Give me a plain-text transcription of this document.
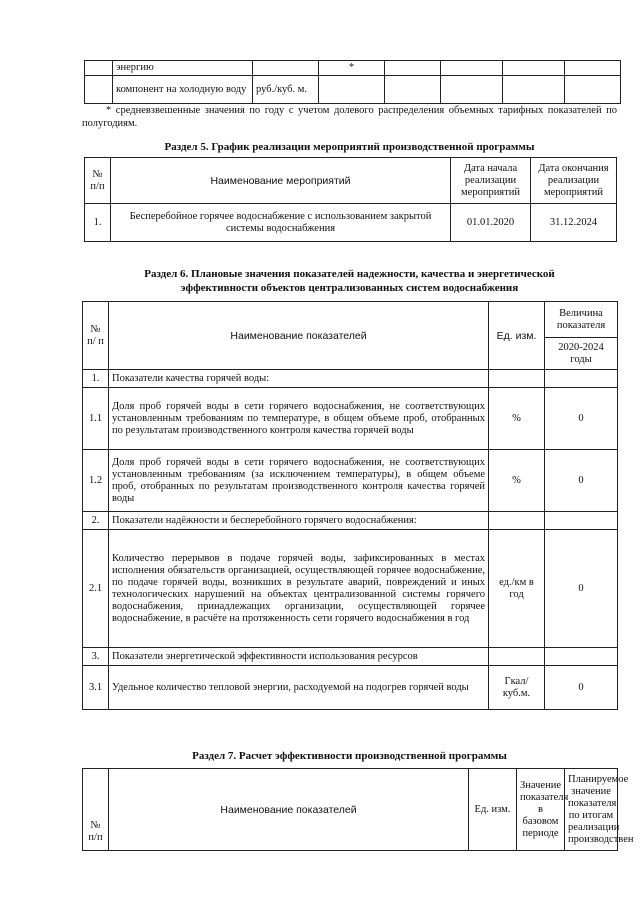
	энергию		*				
	компонент на холодную воду	руб./куб. м.					
* средневзвешенные значения по году с учетом долевого распределения объемных тарифных показателей по полугодиям.
Раздел 5. График реализации мероприятий производственной программы
№ п/п	Наименование мероприятий	Дата начала реализации мероприятий	Дата окончания реализации мероприятий
1.	Бесперебойное горячее водоснабжение с использованием закрытой системы водоснабжения	01.01.2020	31.12.2024
Раздел 6. Плановые значения показателей надежности, качества и энергетической
эффективности объектов централизованных систем водоснабжения
№ п/ п	Наименование показателей	Ед. изм.	Величина показателя
			2020-2024 годы
1.	Показатели качества горячей воды:		
1.1	Доля проб горячей воды в сети горячего водоснабжения, не соответствующих установленным требованиям по температуре, в общем объеме проб, отобранных по результатам производственного контроля качества горячей воды	%	0
1.2	Доля проб горячей воды в сети горячего водоснабжения, не соответствующих установленным требованиям (за исключением температуры), в общем объеме проб, отобранных по результатам производственного контроля качества горячей воды	%	0
2.	Показатели надёжности и бесперебойного горячего водоснабжения:		
2.1	Количество перерывов в подаче горячей воды, зафиксированных в местах исполнения обязательств организацией, осуществляющей горячее водоснабжение, по подаче горячей воды, возникших в результате аварий, повреждений и иных технологических нарушений на объектах централизованной системы горячего водоснабжения, принадлежащих организации, осуществляющей горячее водоснабжение, в расчёте на протяженность сети горячего водоснабжения в год	ед./км в год	0
3.	Показатели энергетической эффективности использования ресурсов		
3.1	Удельное количество тепловой энергии, расходуемой на подогрев горячей воды	Гкал/куб.м.	0
Раздел 7. Расчет эффективности производственной программы
№ п/п	Наименование показателей	Ед. изм.	Значение показателя в базовом периоде	Планируемое значение показателя по итогам реализации производствен
